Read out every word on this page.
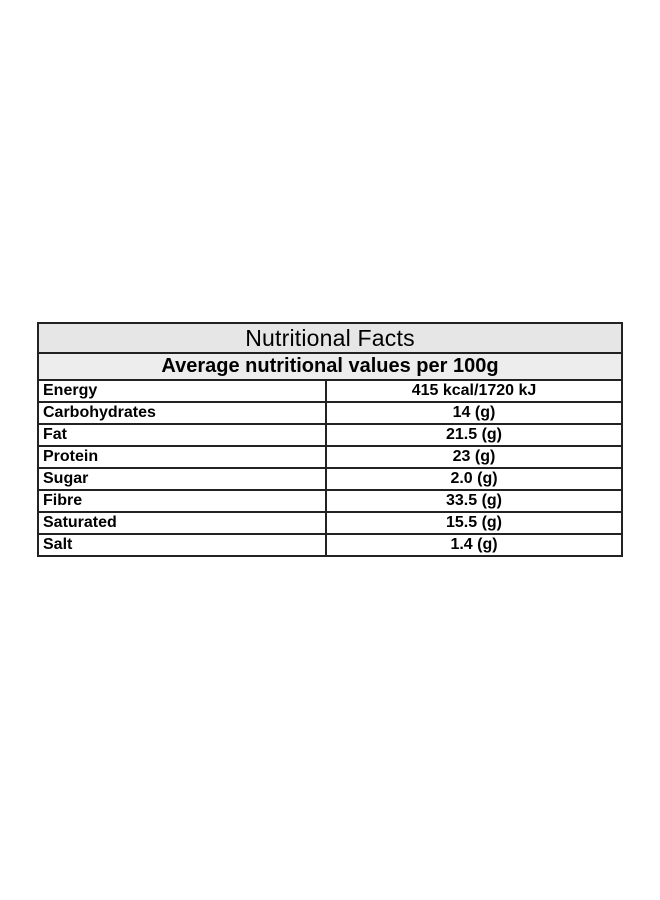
Nutritional Facts
Average nutritional values per 100g
Energy	415 kcal/1720 kJ
Carbohydrates	14 (g)
Fat	21.5 (g)
Protein	23 (g)
Sugar	2.0 (g)
Fibre	33.5 (g)
Saturated	15.5 (g)
Salt	1.4 (g)
